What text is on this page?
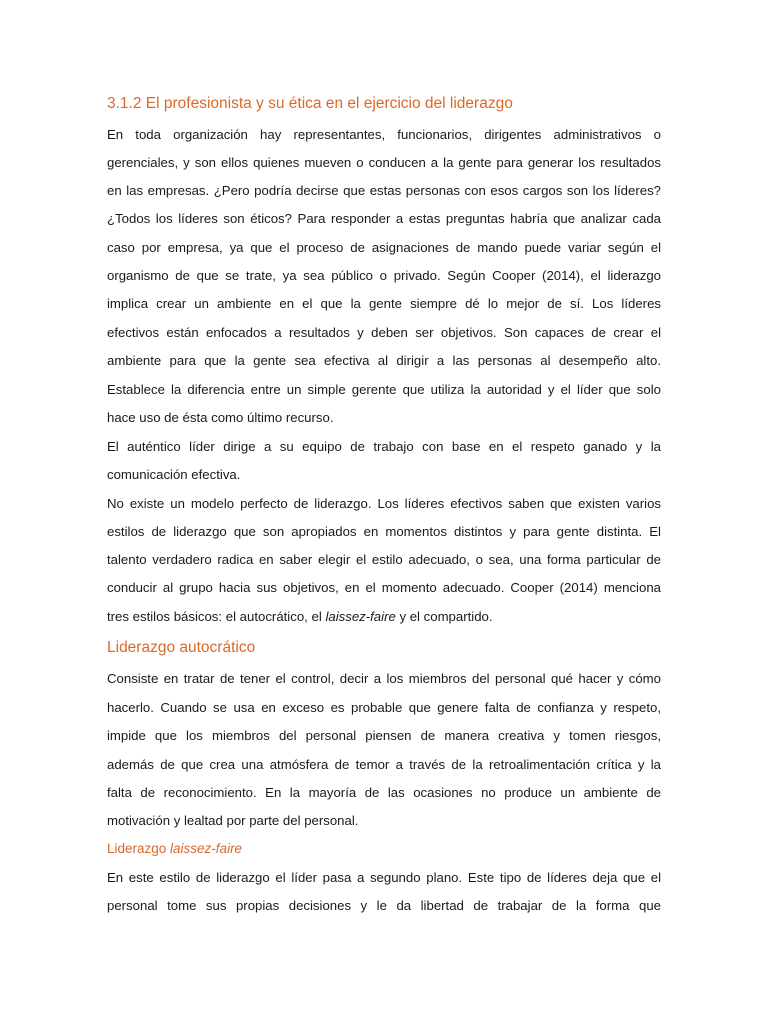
3.1.2 El profesionista y su ética en el ejercicio del liderazgo
En toda organización hay representantes, funcionarios, dirigentes administrativos o
gerenciales, y son ellos quienes mueven o conducen a la gente para generar los resultados
en las empresas. ¿Pero podría decirse que estas personas con esos cargos son los líderes?
¿Todos los líderes son éticos? Para responder a estas preguntas habría que analizar cada
caso por empresa, ya que el proceso de asignaciones de mando puede variar según el
organismo de que se trate, ya sea público o privado. Según Cooper (2014), el liderazgo
implica crear un ambiente en el que la gente siempre dé lo mejor de sí. Los líderes
efectivos están enfocados a resultados y deben ser objetivos. Son capaces de crear el
ambiente para que la gente sea efectiva al dirigir a las personas al desempeño alto.
Establece la diferencia entre un simple gerente que utiliza la autoridad y el líder que solo
hace uso de ésta como último recurso.
El auténtico líder dirige a su equipo de trabajo con base en el respeto ganado y la
comunicación efectiva.
No existe un modelo perfecto de liderazgo. Los líderes efectivos saben que existen varios
estilos de liderazgo que son apropiados en momentos distintos y para gente distinta. El
talento verdadero radica en saber elegir el estilo adecuado, o sea, una forma particular de
conducir al grupo hacia sus objetivos, en el momento adecuado. Cooper (2014) menciona
tres estilos básicos: el autocrático, el laissez-faire y el compartido.
Liderazgo autocrático
Consiste en tratar de tener el control, decir a los miembros del personal qué hacer y cómo
hacerlo. Cuando se usa en exceso es probable que genere falta de confianza y respeto,
impide que los miembros del personal piensen de manera creativa y tomen riesgos,
además de que crea una atmósfera de temor a través de la retroalimentación crítica y la
falta de reconocimiento. En la mayoría de las ocasiones no produce un ambiente de
motivación y lealtad por parte del personal.
Liderazgo laissez-faire
En este estilo de liderazgo el líder pasa a segundo plano. Este tipo de líderes deja que el
personal tome sus propias decisiones y le da libertad de trabajar de la forma que
